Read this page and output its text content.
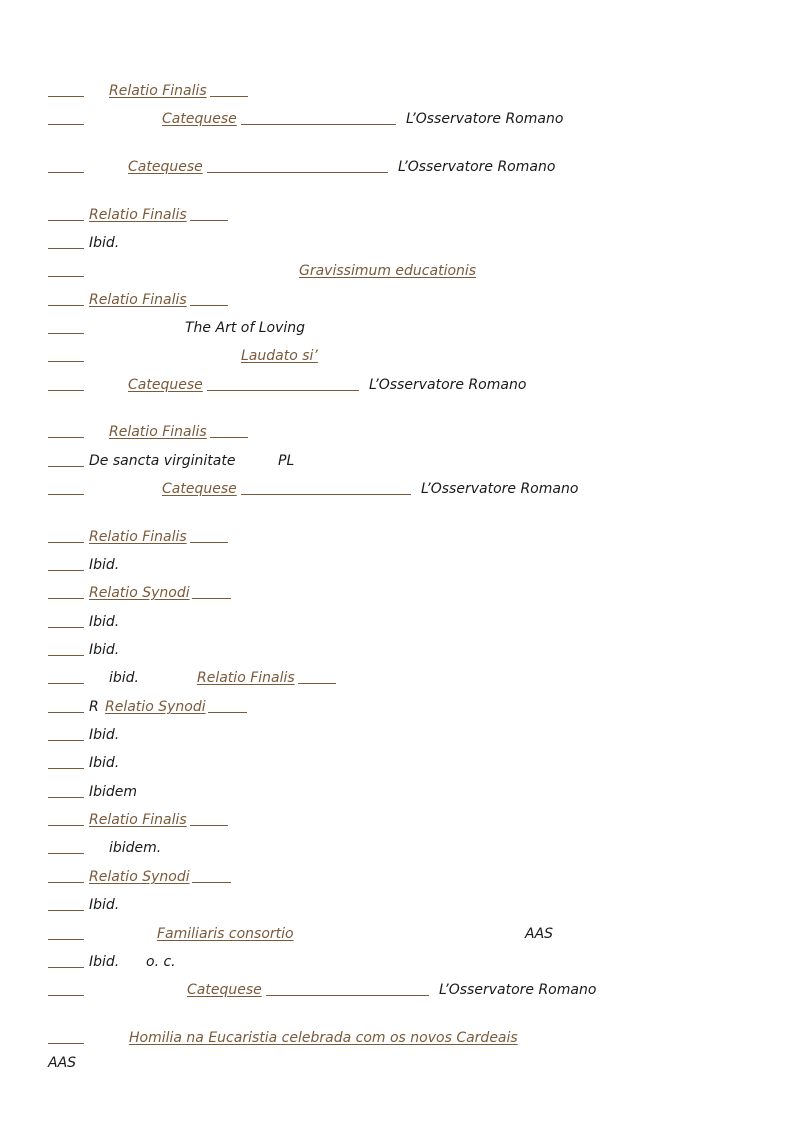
Relatio Finalis
Catequese	L’Osservatore Romano
Catequese	L’Osservatore Romano
Relatio Finalis
Ibid.
Gravissimum educationis
Relatio Finalis
The Art of Loving
Laudato si’
Catequese	L’Osservatore Romano
Relatio Finalis
De sancta virginitate	PL
Catequese	L’Osservatore Romano
Relatio Finalis
Ibid.
Relatio Synodi
Ibid.
Ibid.
ibid.	Relatio Finalis
R Relatio Synodi
Ibid.
Ibid.
Ibidem
Relatio Finalis
ibidem.
Relatio Synodi
Ibid.
Familiaris consortio	AAS
Ibid. o. c.
Catequese	L’Osservatore Romano
Homilia na Eucaristia celebrada com os novos Cardeais
AAS
